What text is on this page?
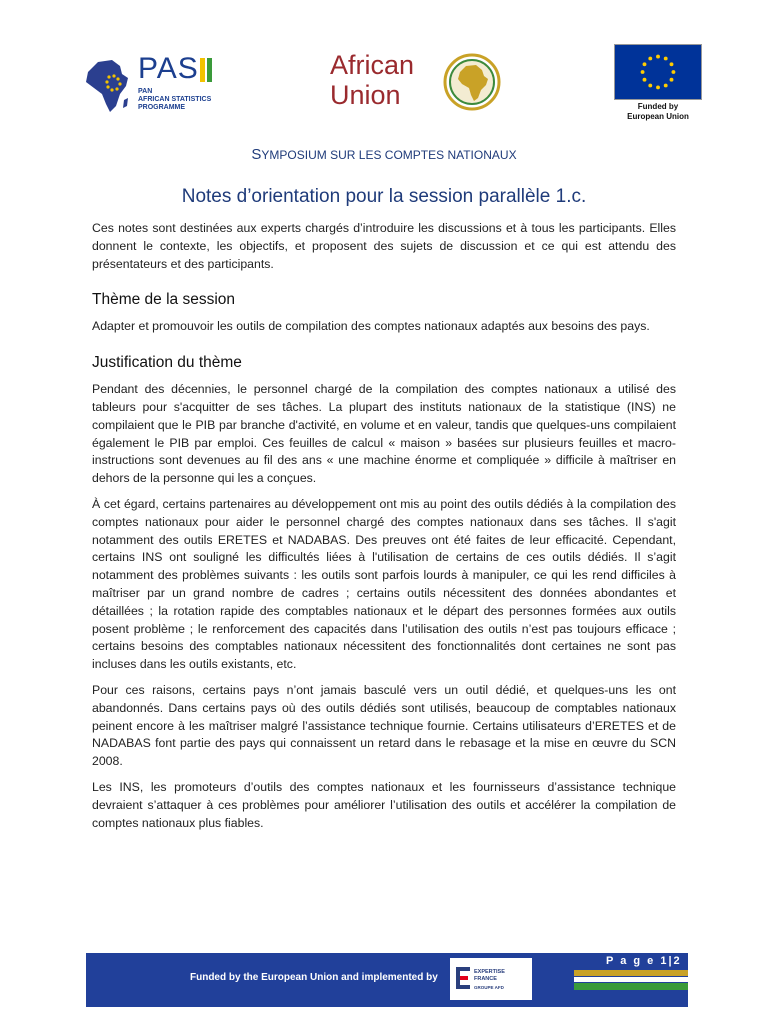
PAS
PAN
AFRICAN STATISTICS
PROGRAMME
African
Union	Funded by
European Union
SYMPOSIUM SUR LES COMPTES NATIONAUX
Notes d’orientation pour la session parallèle 1.c.

Ces notes sont destinées aux experts chargés d’introduire les discussions et à tous les participants. Elles donnent le contexte, les objectifs, et proposent des sujets de discussion et ce qui est attendu des présentateurs et des participants.

Thème de la session

Adapter et promouvoir les outils de compilation des comptes nationaux adaptés aux besoins des pays.

Justification du thème

Pendant des décennies, le personnel chargé de la compilation des comptes nationaux a utilisé des tableurs pour s'acquitter de ses tâches. La plupart des instituts nationaux de la statistique (INS) ne compilaient que le PIB par branche d'activité, en volume et en valeur, tandis que quelques-uns compilaient également le PIB par emploi. Ces feuilles de calcul « maison » basées sur plusieurs feuilles et macro-instructions sont devenues au fil des ans « une machine énorme et compliquée » difficile à maîtriser en dehors de la personne qui les a conçues.

À cet égard, certains partenaires au développement ont mis au point des outils dédiés à la compilation des comptes nationaux pour aider le personnel chargé des comptes nationaux dans ses tâches. Il s'agit notamment des outils ERETES et NADABAS. Des preuves ont été faites de leur efficacité. Cependant, certains INS ont souligné les difficultés liées à l'utilisation de certains de ces outils dédiés. Il s’agit notamment des problèmes suivants : les outils sont parfois lourds à manipuler, ce qui les rend difficiles à maîtriser par un grand nombre de cadres ; certains outils nécessitent des données abondantes et détaillées ; la rotation rapide des comptables nationaux et le départ des personnes formées aux outils posent problème ; le renforcement des capacités dans l’utilisation des outils n’est pas toujours efficace ; certains besoins des comptables nationaux nécessitent des fonctionnalités dont certaines ne sont pas incluses dans les outils existants, etc.

Pour ces raisons, certains pays n’ont jamais basculé vers un outil dédié, et quelques-uns les ont abandonnés. Dans certains pays où des outils dédiés sont utilisés, beaucoup de comptables nationaux peinent encore à les maîtriser malgré l’assistance technique fournie. Certains utilisateurs d’ERETES et de NADABAS font partie des pays qui connaissent un retard dans le rebasage et la mise en œuvre du SCN 2008.

Les INS, les promoteurs d’outils des comptes nationaux et les fournisseurs d’assistance technique devraient s’attaquer à ces problèmes pour améliorer l’utilisation des outils et accélérer la compilation de comptes nationaux plus fiables.

Funded by the European Union and implemented by	EXPERTISE
FRANCE
GROUPE AFD
P a g e 1|2
